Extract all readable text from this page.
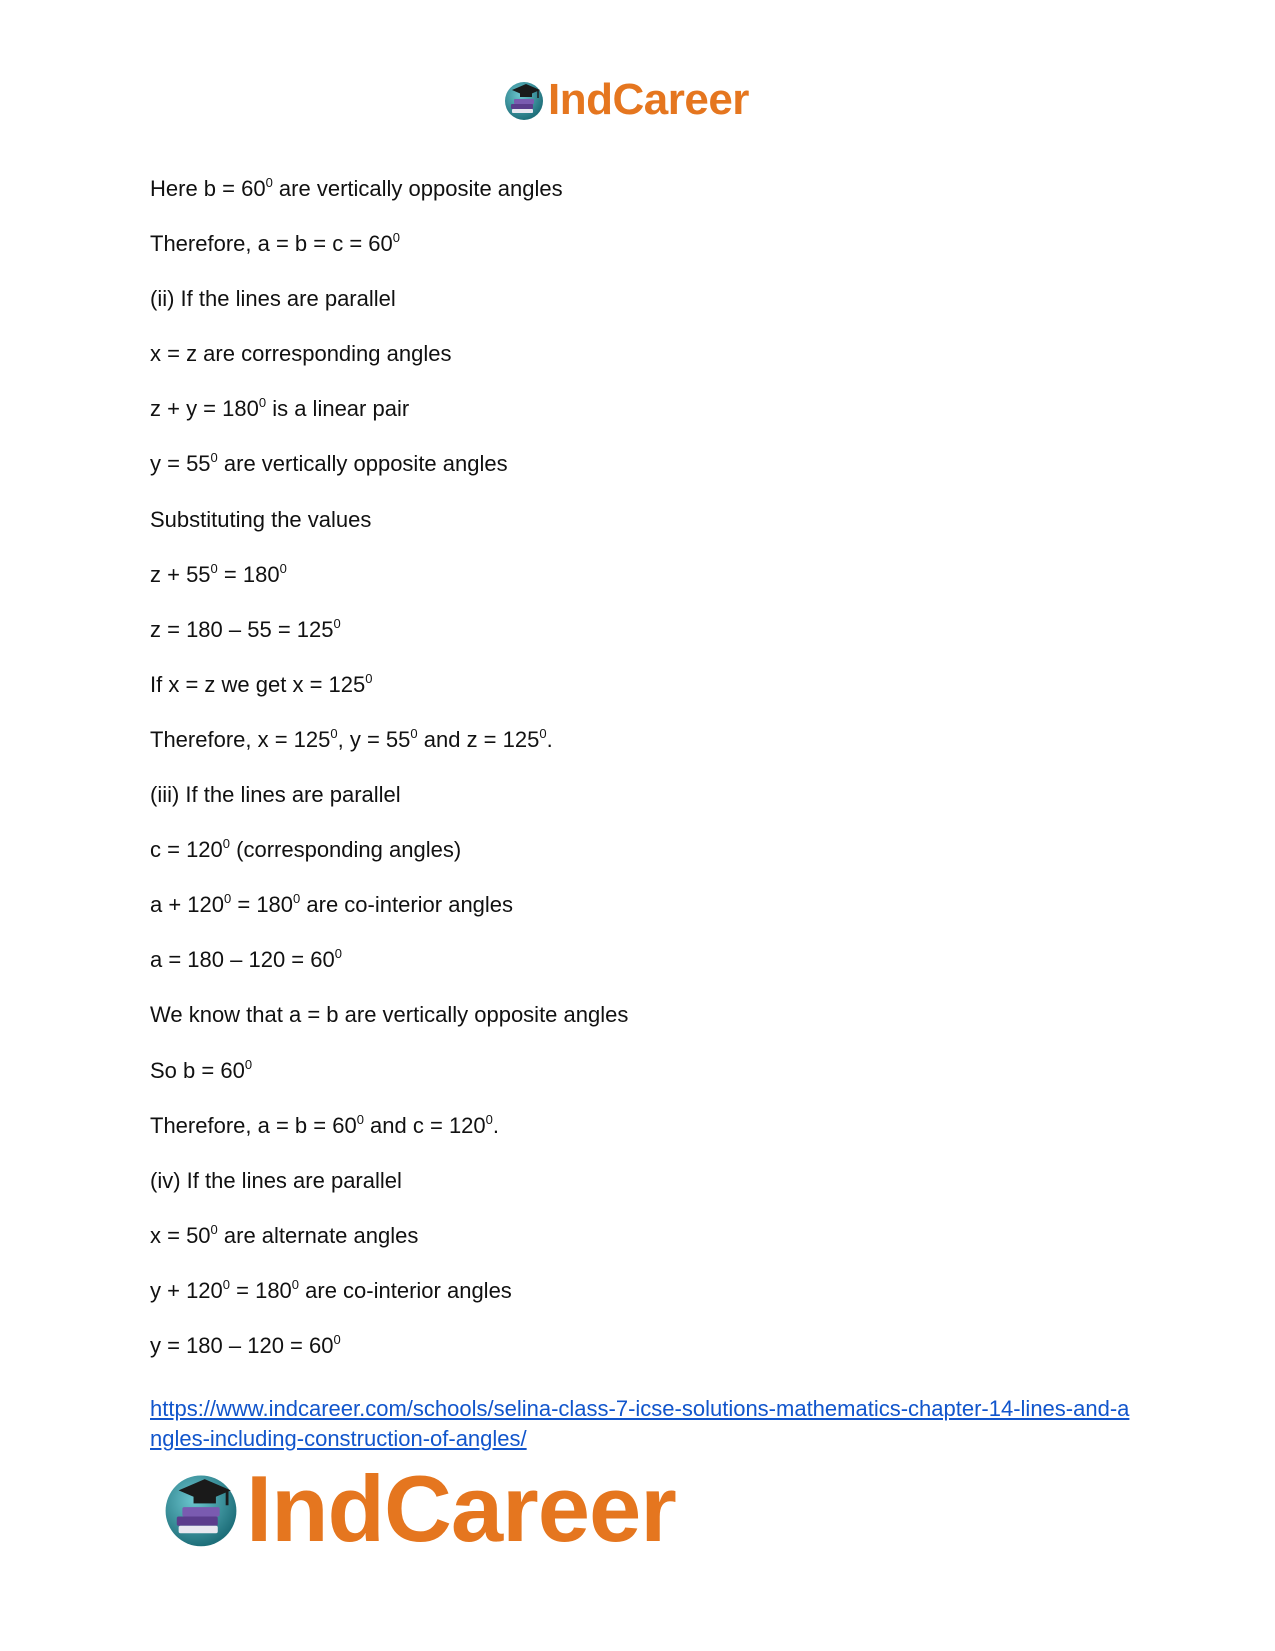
IndCareer
Here $b = 60^0$ are vertically opposite angles
Therefore, $a = b = c = 60^0$
(ii) If the lines are parallel
x = z are corresponding angles
$z + y = 180^0$ is a linear pair
$y = 55^0$ are vertically opposite angles
Substituting the values
$z + 55^0 = 180^0$
$z = 180 - 55 = 125^0$
If x = z we get $x = 125^0$
Therefore, $x = 125^0$, $y = 55^0$ and $z = 125^0$.
(iii) If the lines are parallel
$c = 120^0$ (corresponding angles)
$a + 120^0 = 180^0$ are co-interior angles
$a = 180 - 120 = 60^0$
We know that a = b are vertically opposite angles
So $b = 60^0$
Therefore, $a = b = 60^0$ and $c = 120^0$.
(iv) If the lines are parallel
$x = 50^0$ are alternate angles
$y + 120^0 = 180^0$ are co-interior angles
$y = 180 - 120 = 60^0$
https://www.indcareer.com/schools/selina-class-7-icse-solutions-mathematics-chapter-14-lines-and-angles-including-construction-of-angles/
IndCareer
